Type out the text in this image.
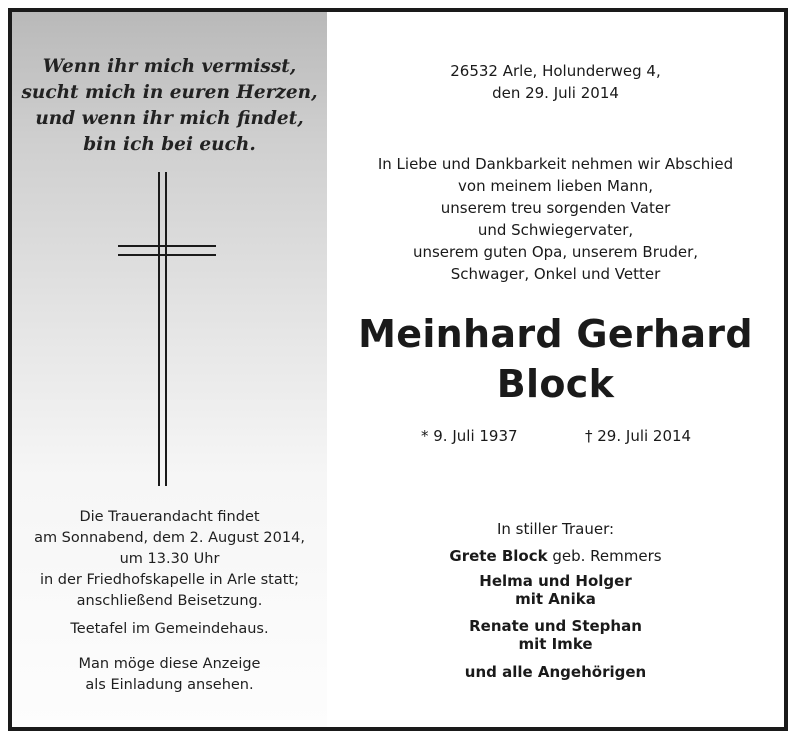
Wenn ihr mich vermisst,
sucht mich in euren Herzen,
und wenn ihr mich findet,
bin ich bei euch.
Die Trauerandacht findet
am Sonnabend, dem 2. August 2014,
um 13.30 Uhr
in der Friedhofskapelle in Arle statt;
anschließend Beisetzung.
Teetafel im Gemeindehaus.
Man möge diese Anzeige
als Einladung ansehen.
26532 Arle, Holunderweg 4,
den 29. Juli 2014
In Liebe und Dankbarkeit nehmen wir Abschied
von meinem lieben Mann,
unserem treu sorgenden Vater
und Schwiegervater,
unserem guten Opa, unserem Bruder,
Schwager, Onkel und Vetter
Meinhard Gerhard
Block
* 9. Juli 1937	† 29. Juli 2014
In stiller Trauer:
Grete Block geb. Remmers
Helma und Holger
mit Anika
Renate und Stephan
mit Imke
und alle Angehörigen
